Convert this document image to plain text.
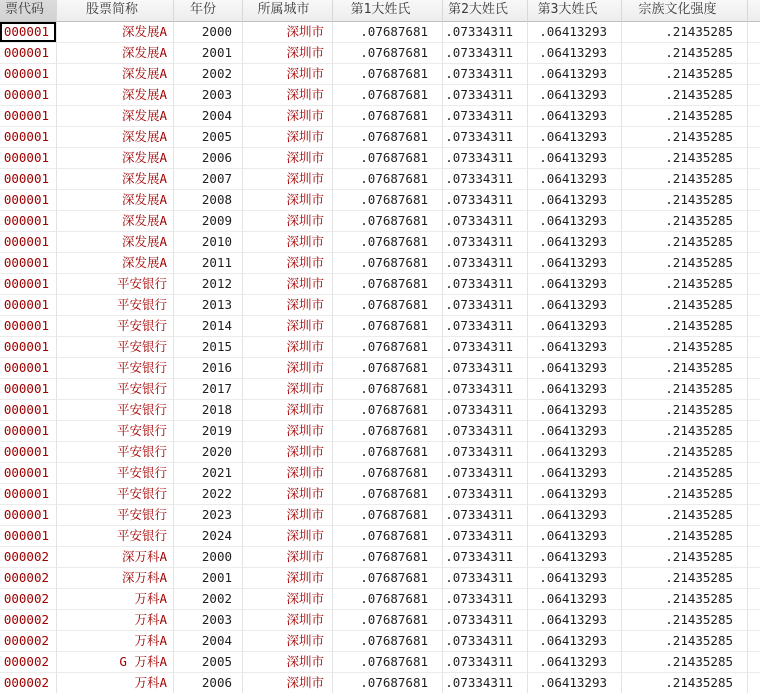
票代码	股票简称	年份	所属城市	第1大姓氏	第2大姓氏	第3大姓氏	宗族文化强度
000001	深发展A	2000	深圳市	.07687681	.07334311	.06413293	.21435285
000001	深发展A	2001	深圳市	.07687681	.07334311	.06413293	.21435285
000001	深发展A	2002	深圳市	.07687681	.07334311	.06413293	.21435285
000001	深发展A	2003	深圳市	.07687681	.07334311	.06413293	.21435285
000001	深发展A	2004	深圳市	.07687681	.07334311	.06413293	.21435285
000001	深发展A	2005	深圳市	.07687681	.07334311	.06413293	.21435285
000001	深发展A	2006	深圳市	.07687681	.07334311	.06413293	.21435285
000001	深发展A	2007	深圳市	.07687681	.07334311	.06413293	.21435285
000001	深发展A	2008	深圳市	.07687681	.07334311	.06413293	.21435285
000001	深发展A	2009	深圳市	.07687681	.07334311	.06413293	.21435285
000001	深发展A	2010	深圳市	.07687681	.07334311	.06413293	.21435285
000001	深发展A	2011	深圳市	.07687681	.07334311	.06413293	.21435285
000001	平安银行	2012	深圳市	.07687681	.07334311	.06413293	.21435285
000001	平安银行	2013	深圳市	.07687681	.07334311	.06413293	.21435285
000001	平安银行	2014	深圳市	.07687681	.07334311	.06413293	.21435285
000001	平安银行	2015	深圳市	.07687681	.07334311	.06413293	.21435285
000001	平安银行	2016	深圳市	.07687681	.07334311	.06413293	.21435285
000001	平安银行	2017	深圳市	.07687681	.07334311	.06413293	.21435285
000001	平安银行	2018	深圳市	.07687681	.07334311	.06413293	.21435285
000001	平安银行	2019	深圳市	.07687681	.07334311	.06413293	.21435285
000001	平安银行	2020	深圳市	.07687681	.07334311	.06413293	.21435285
000001	平安银行	2021	深圳市	.07687681	.07334311	.06413293	.21435285
000001	平安银行	2022	深圳市	.07687681	.07334311	.06413293	.21435285
000001	平安银行	2023	深圳市	.07687681	.07334311	.06413293	.21435285
000001	平安银行	2024	深圳市	.07687681	.07334311	.06413293	.21435285
000002	深万科A	2000	深圳市	.07687681	.07334311	.06413293	.21435285
000002	深万科A	2001	深圳市	.07687681	.07334311	.06413293	.21435285
000002	万科A	2002	深圳市	.07687681	.07334311	.06413293	.21435285
000002	万科A	2003	深圳市	.07687681	.07334311	.06413293	.21435285
000002	万科A	2004	深圳市	.07687681	.07334311	.06413293	.21435285
000002	G 万科A	2005	深圳市	.07687681	.07334311	.06413293	.21435285
000002	万科A	2006	深圳市	.07687681	.07334311	.06413293	.21435285
